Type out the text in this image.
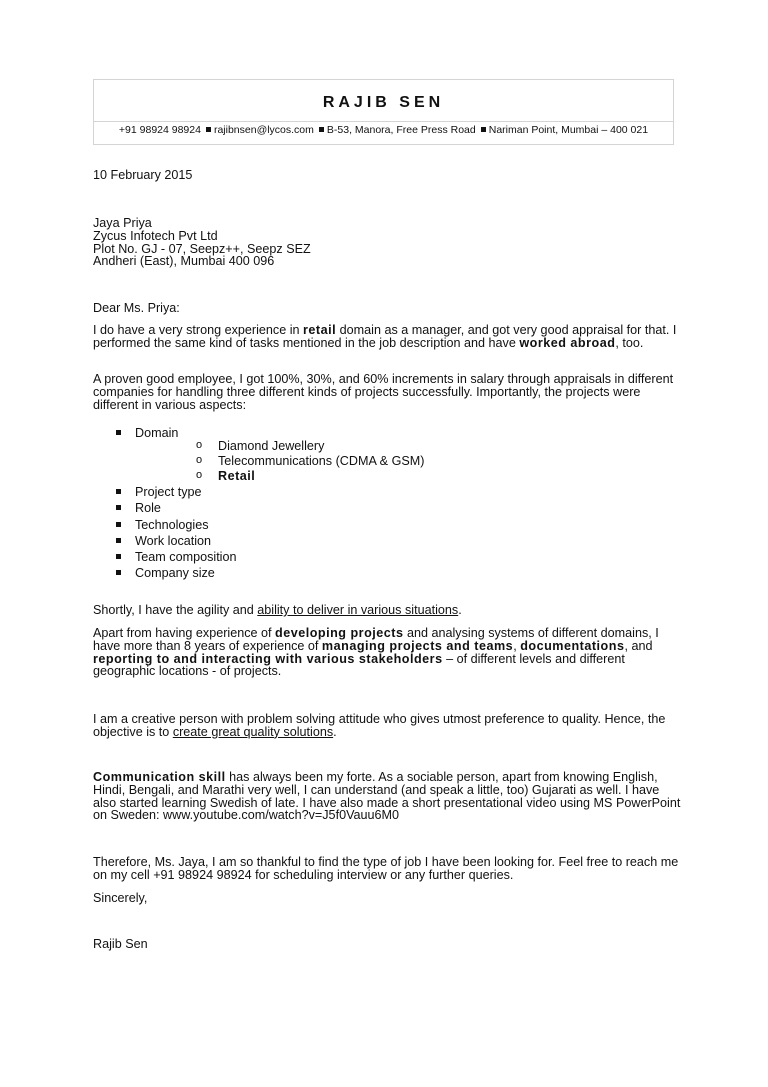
RAJIB SEN
+91 98924 98924 rajibnsen@lycos.com B-53, Manora, Free Press Road Nariman Point, Mumbai – 400 021
10 February 2015

Jaya Priya

Zycus Infotech Pvt Ltd

Plot No. GJ - 07, Seepz++, Seepz SEZ

Andheri (East), Mumbai 400 096

Dear Ms. Priya:
I do have a very strong experience in retail domain as a manager, and got very good appraisal for that. I performed the same kind of tasks mentioned in the job description and have worked abroad, too.
A proven good employee, I got 100%, 30%, and 60% increments in salary through appraisals in different companies for handling three different kinds of projects successfully. Importantly, the projects were different in various aspects:
Domain
o Diamond Jewellery
o Telecommunications (CDMA & GSM)
o Retail
Project type
Role
Technologies
Work location
Team composition
Company size
Shortly, I have the agility and ability to deliver in various situations.
Apart from having experience of developing projects and analysing systems of different domains, I have more than 8 years of experience of managing projects and teams, documentations, and reporting to and interacting with various stakeholders – of different levels and different geographic locations - of projects.
I am a creative person with problem solving attitude who gives utmost preference to quality. Hence, the objective is to create great quality solutions.
Communication skill has always been my forte. As a sociable person, apart from knowing English, Hindi, Bengali, and Marathi very well, I can understand (and speak a little, too) Gujarati as well. I have also started learning Swedish of late. I have also made a short presentational video using MS PowerPoint on Sweden: www.youtube.com/watch?v=J5f0Vauu6M0
Therefore, Ms. Jaya, I am so thankful to find the type of job I have been looking for. Feel free to reach me on my cell +91 98924 98924 for scheduling interview or any further queries.
Sincerely,
Rajib Sen
